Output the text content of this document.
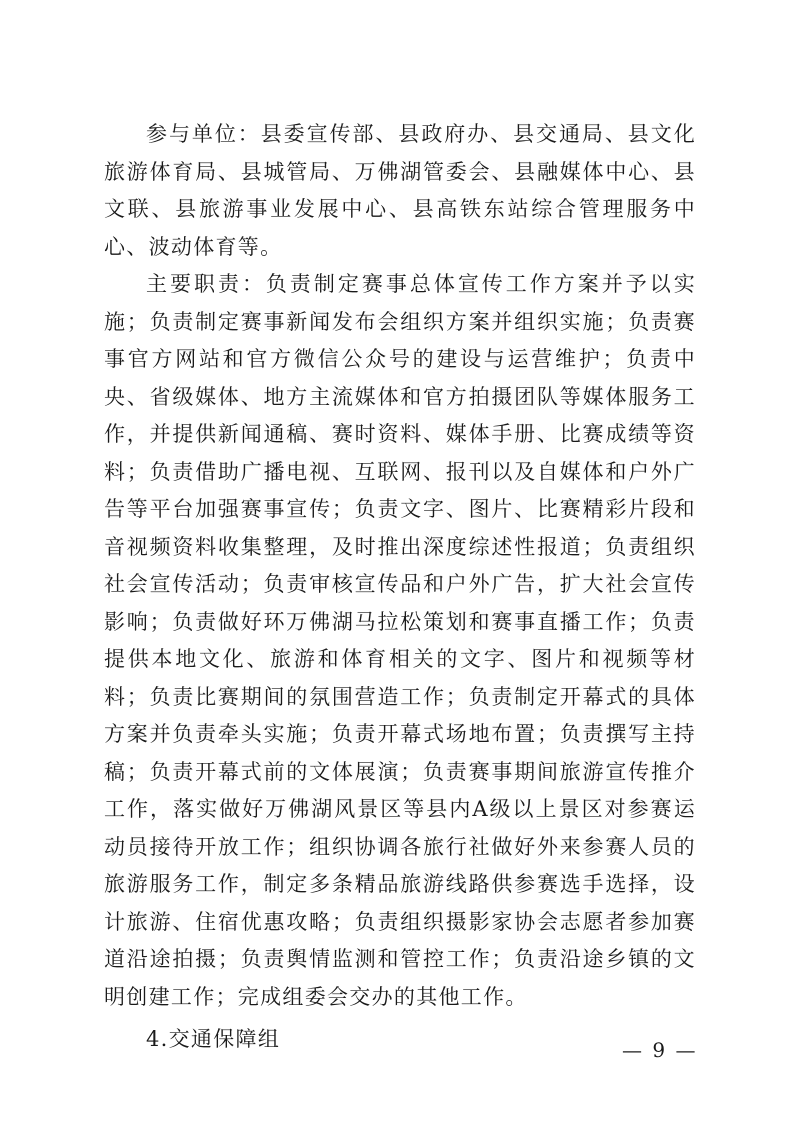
参与单位：县委宣传部、县政府办、县交通局、县文化旅游体育局、县城管局、万佛湖管委会、县融媒体中心、县文联、县旅游事业发展中心、县高铁东站综合管理服务中心、波动体育等。

主要职责：负责制定赛事总体宣传工作方案并予以实施；负责制定赛事新闻发布会组织方案并组织实施；负责赛事官方网站和官方微信公众号的建设与运营维护；负责中央、省级媒体、地方主流媒体和官方拍摄团队等媒体服务工作，并提供新闻通稿、赛时资料、媒体手册、比赛成绩等资料；负责借助广播电视、互联网、报刊以及自媒体和户外广告等平台加强赛事宣传；负责文字、图片、比赛精彩片段和音视频资料收集整理，及时推出深度综述性报道；负责组织社会宣传活动；负责审核宣传品和户外广告，扩大社会宣传影响；负责做好环万佛湖马拉松策划和赛事直播工作；负责提供本地文化、旅游和体育相关的文字、图片和视频等材料；负责比赛期间的氛围营造工作；负责制定开幕式的具体方案并负责牵头实施；负责开幕式场地布置；负责撰写主持稿；负责开幕式前的文体展演；负责赛事期间旅游宣传推介工作，落实做好万佛湖风景区等县内A级以上景区对参赛运动员接待开放工作；组织协调各旅行社做好外来参赛人员的旅游服务工作，制定多条精品旅游线路供参赛选手选择，设计旅游、住宿优惠攻略；负责组织摄影家协会志愿者参加赛道沿途拍摄；负责舆情监测和管控工作；负责沿途乡镇的文明创建工作；完成组委会交办的其他工作。

4.交通保障组	— 9 —
